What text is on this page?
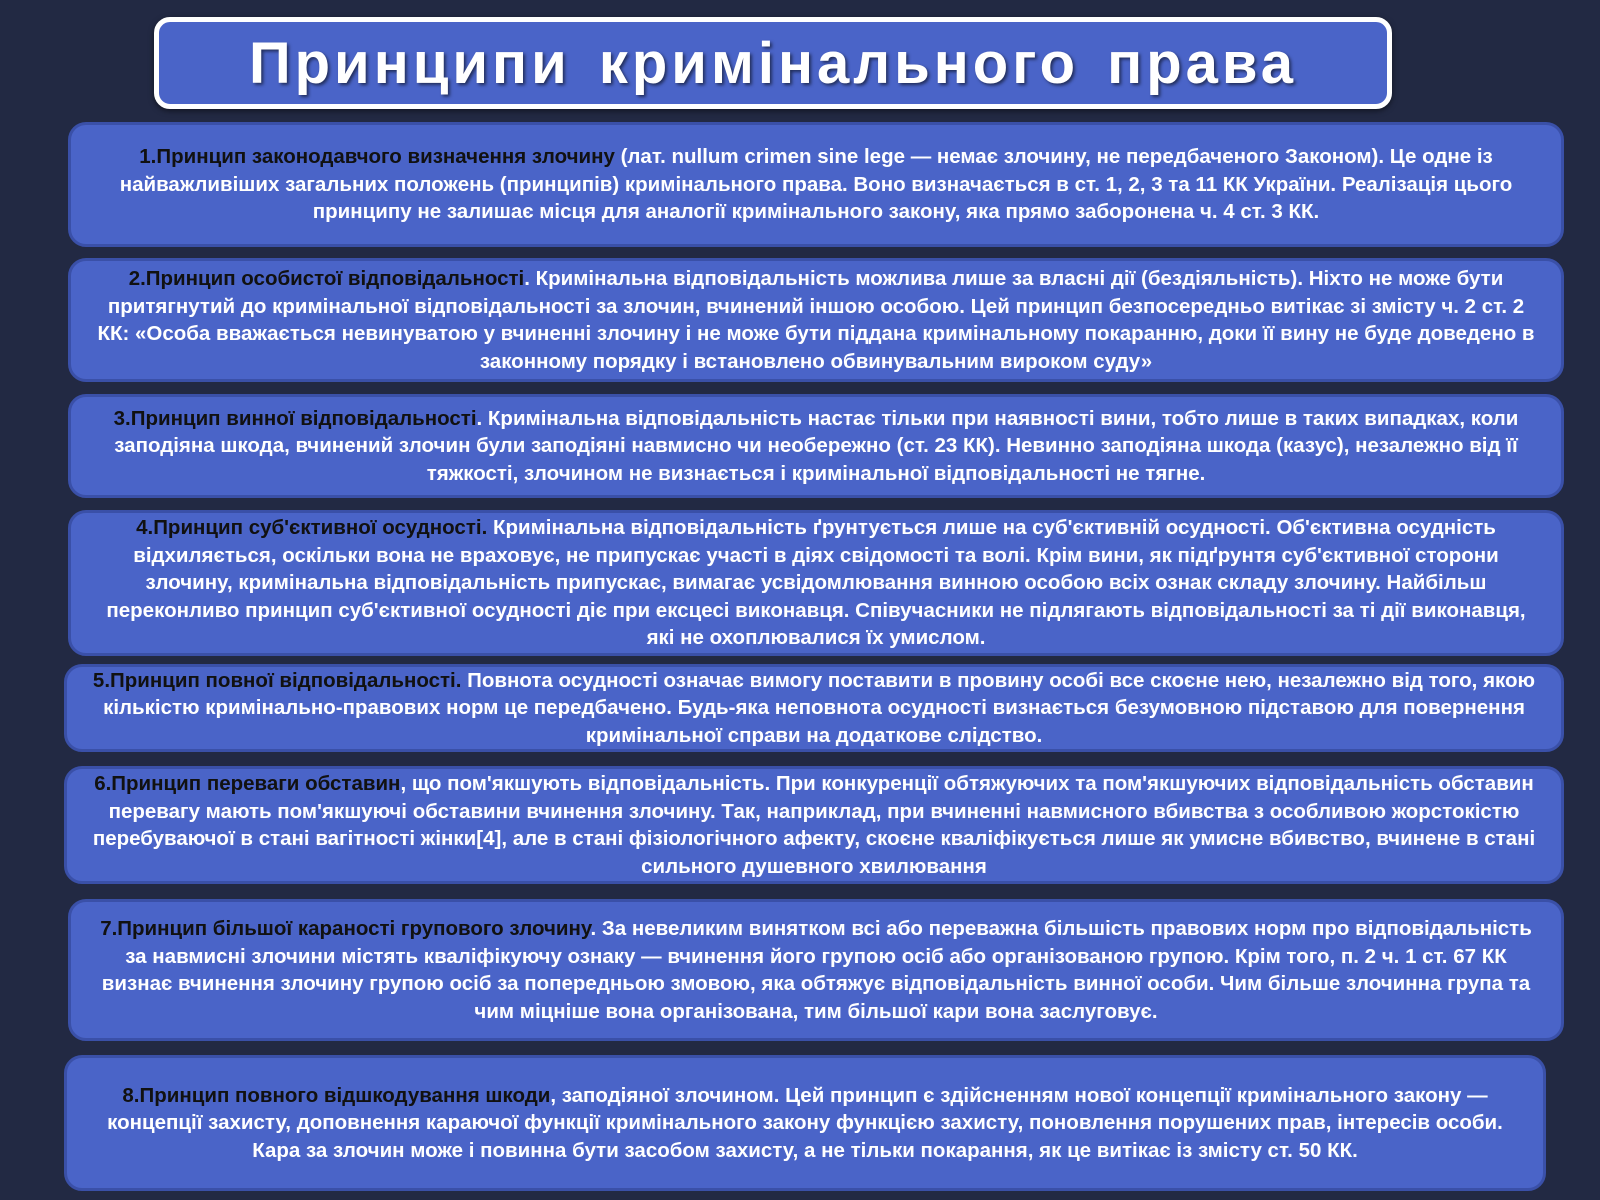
Принципи кримінального права

1.Принцип законодавчого визначення злочину (лат. nullum crimen sine lege — немає злочину, не передбаченого Законом). Це одне із найважливіших загальних положень (принципів) кримінального права. Воно визначається в ст. 1, 2, 3 та 11 КК України. Реалізація цього принципу не залишає місця для аналогії кримінального закону, яка прямо заборонена ч. 4 ст. 3 КК.

2.Принцип особистої відповідальності. Кримінальна відповідальність можлива лише за власні дії (бездіяльність). Ніхто не може бути притягнутий до кримінальної відповідальності за злочин, вчинений іншою особою. Цей принцип безпосередньо витікає зі змісту ч. 2 ст. 2 КК: «Особа вважається невинуватою у вчиненні злочину і не може бути піддана кримінальному покаранню, доки її вину не буде доведено в законному порядку і встановлено обвинувальним вироком суду»

3.Принцип винної відповідальності. Кримінальна відповідальність настає тільки при наявності вини, тобто лише в таких випадках, коли заподіяна шкода, вчинений злочин були заподіяні навмисно чи необережно (ст. 23 КК). Невинно заподіяна шкода (казус), незалежно від її тяжкості, злочином не визнається і кримінальної відповідальності не тягне.

4.Принцип суб'єктивної осудності. Кримінальна відповідальність ґрунтується лише на суб'єктивній осудності. Об'єктивна осудність відхиляється, оскільки вона не враховує, не припускає участі в діях свідомості та волі. Крім вини, як підґрунтя суб'єктивної сторони злочину, кримінальна відповідальність припускає, вимагає усвідомлювання винною особою всіх ознак складу злочину. Найбільш переконливо принцип суб'єктивної осудності діє при ексцесі виконавця. Співучасники не підлягають відповідальності за ті дії виконавця, які не охоплювалися їх умислом.

5.Принцип повної відповідальності. Повнота осудності означає вимогу поставити в провину особі все скоєне нею, незалежно від того, якою кількістю кримінально-правових норм це передбачено. Будь-яка неповнота осудності визнається безумовною підставою для повернення кримінальної справи на додаткове слідство.

6.Принцип переваги обставин, що пом'якшують відповідальність. При конкуренції обтяжуючих та пом'якшуючих відповідальність обставин перевагу мають пом'якшуючі обставини вчинення злочину. Так, наприклад, при вчиненні навмисного вбивства з особливою жорстокістю перебуваючої в стані вагітності жінки[4], але в стані фізіологічного афекту, скоєне кваліфікується лише як умисне вбивство, вчинене в стані сильного душевного хвилювання

7.Принцип більшої караності групового злочину. За невеликим винятком всі або переважна більшість правових норм про відповідальність за навмисні злочини містять кваліфікуючу ознаку — вчинення його групою осіб або організованою групою. Крім того, п. 2 ч. 1 ст. 67 КК визнає вчинення злочину групою осіб за попередньою змовою, яка обтяжує відповідальність винної особи. Чим більше злочинна група та чим міцніше вона організована, тим більшої кари вона заслуговує.

8.Принцип повного відшкодування шкоди, заподіяної злочином. Цей принцип є здійсненням нової концепції кримінального закону — концепції захисту, доповнення караючої функції кримінального закону функцією захисту, поновлення порушених прав, інтересів особи. Кара за злочин може і повинна бути засобом захисту, а не тільки покарання, як це витікає із змісту ст. 50 КК.
